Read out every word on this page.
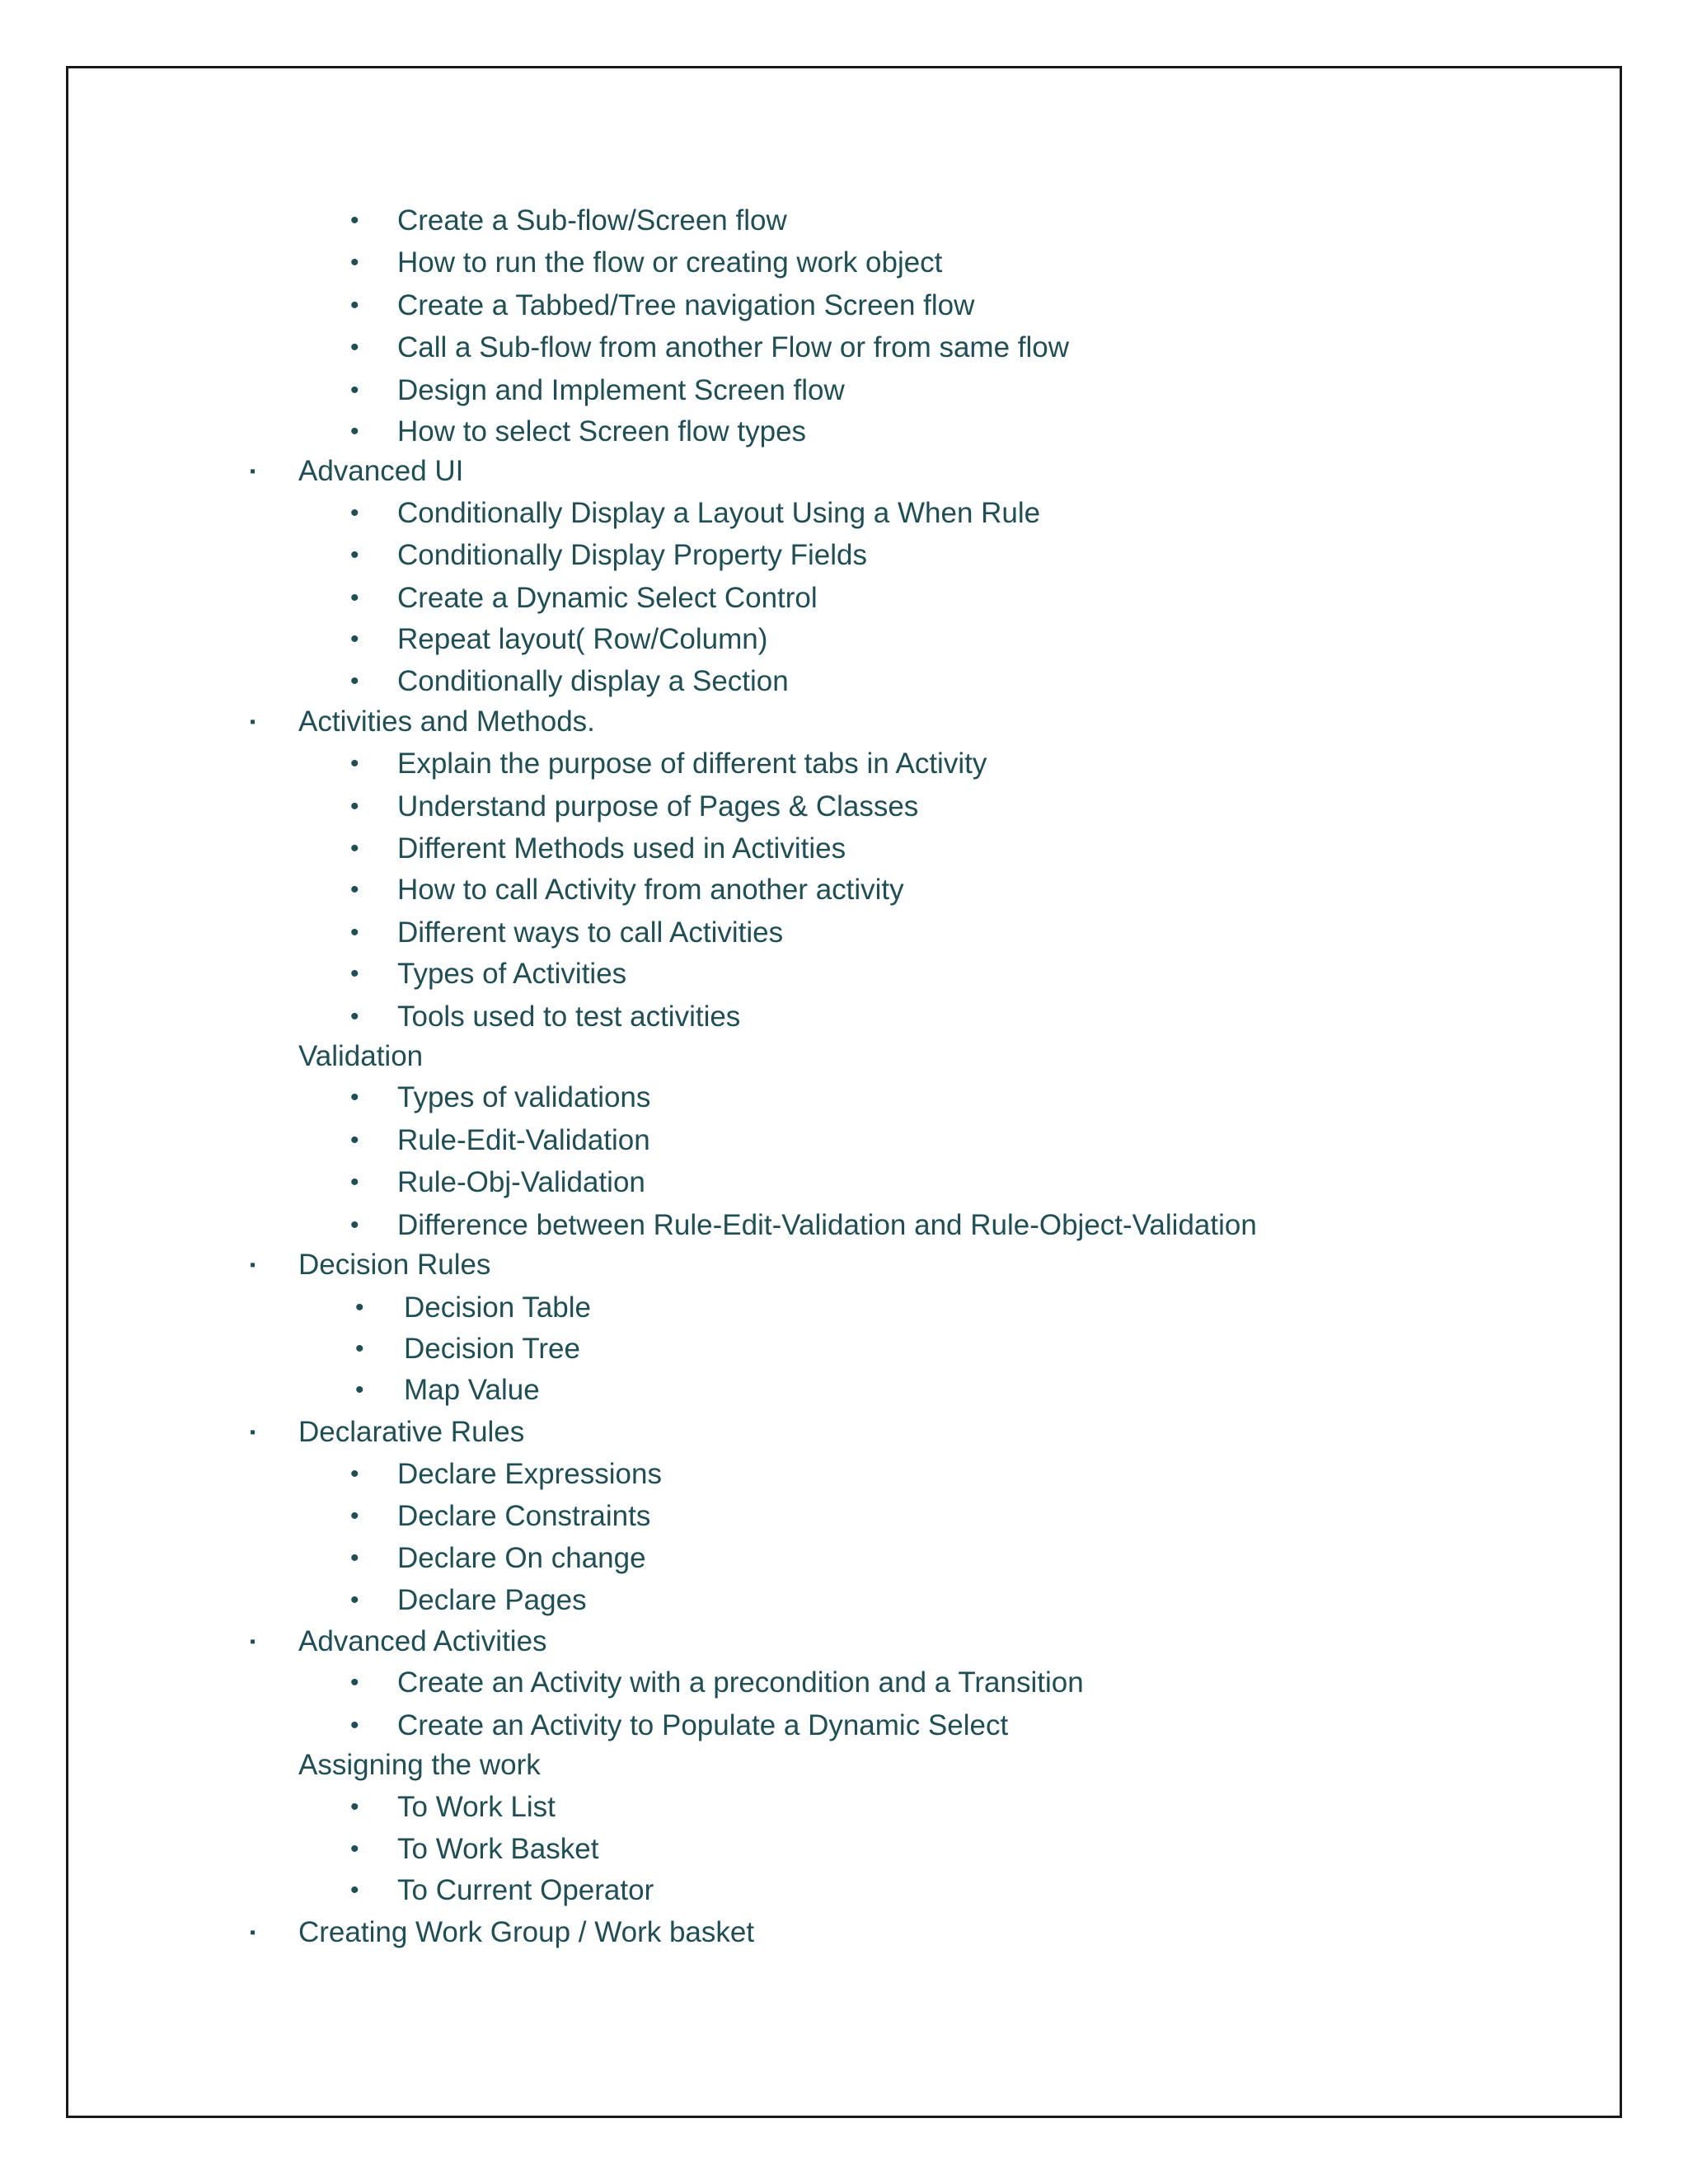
• Create a Sub-flow/Screen flow
• How to run the flow or creating work object
• Create a Tabbed/Tree navigation Screen flow
• Call a Sub-flow from another Flow or from same flow
• Design and Implement Screen flow
• How to select Screen flow types
▪ Advanced UI
• Conditionally Display a Layout Using a When Rule
• Conditionally Display Property Fields
• Create a Dynamic Select Control
• Repeat layout( Row/Column)
• Conditionally display a Section
▪ Activities and Methods.
• Explain the purpose of different tabs in Activity
• Understand purpose of Pages & Classes
• Different Methods used in Activities
• How to call Activity from another activity
• Different ways to call Activities
• Types of Activities
• Tools used to test activities
Validation
• Types of validations
• Rule-Edit-Validation
• Rule-Obj-Validation
• Difference between Rule-Edit-Validation and Rule-Object-Validation
▪ Decision Rules
• Decision Table
• Decision Tree
• Map Value
▪ Declarative Rules
• Declare Expressions
• Declare Constraints
• Declare On change
• Declare Pages
▪ Advanced Activities
• Create an Activity with a precondition and a Transition
• Create an Activity to Populate a Dynamic Select
Assigning the work
• To Work List
• To Work Basket
• To Current Operator
▪ Creating Work Group / Work basket
